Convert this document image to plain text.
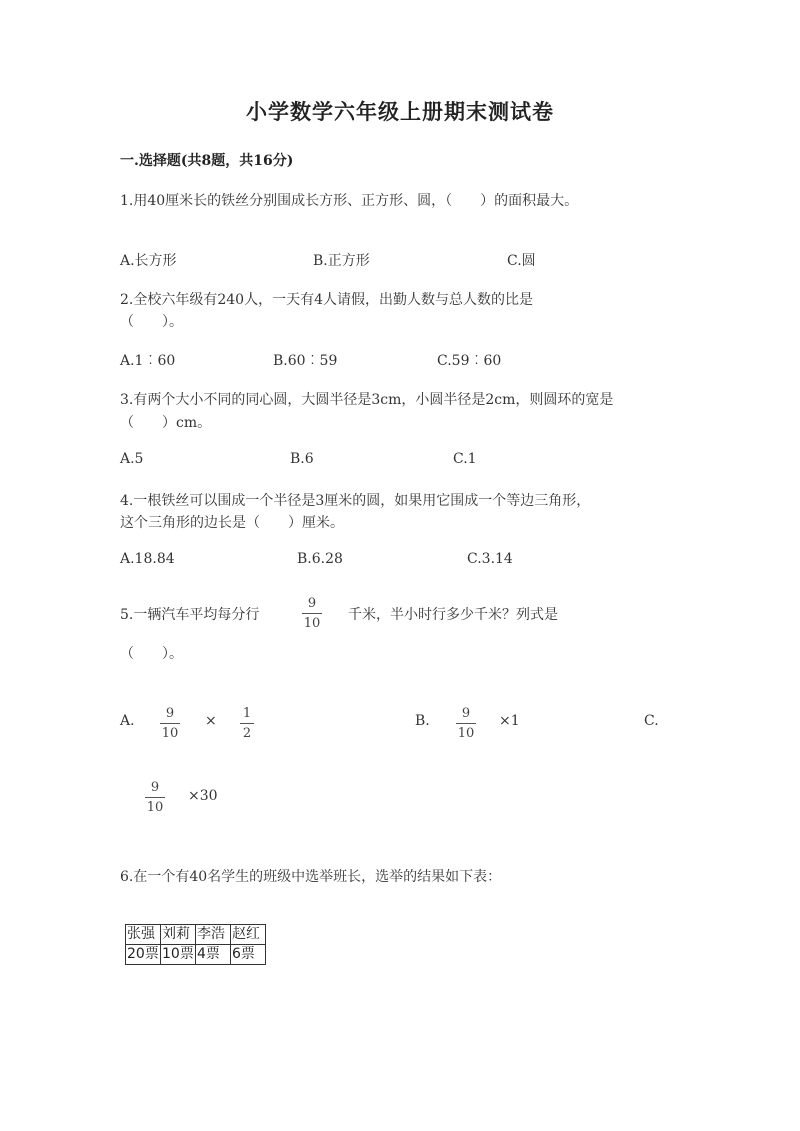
小学数学六年级上册期末测试卷
一.选择题(共8题，共16分)
1.用40厘米长的铁丝分别围成长方形、正方形、圆，（　　）的面积最大。
A.长方形	B.正方形	C.圆
2.全校六年级有240人，一天有4人请假，出勤人数与总人数的比是
（　　）。
A.1︰60	B.60︰59	C.59︰60
3.有两个大小不同的同心圆，大圆半径是3cm，小圆半径是2cm，则圆环的宽是
（　　）cm。
A.5	B.6	C.1
4.一根铁丝可以围成一个半径是3厘米的圆，如果用它围成一个等边三角形，
这个三角形的边长是（　　）厘米。
A.18.84	B.6.28	C.3.14
5.一辆汽车平均每分行
9
10
千米，半小时行多少千米？列式是
（　　）。
A. 9
10
× 1
2
B. 9
10
×1	C.
9
10
×30
6.在一个有40名学生的班级中选举班长，选举的结果如下表：
张强	刘莉	李浩	赵红
20票	10票	4票	6票
